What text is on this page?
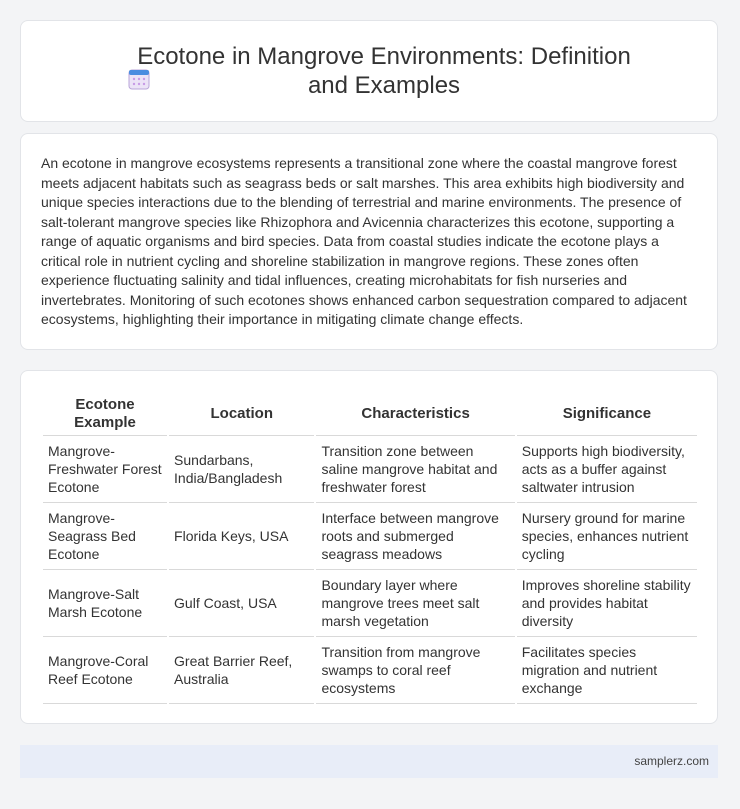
Ecotone in Mangrove Environments: Definition and Examples

An ecotone in mangrove ecosystems represents a transitional zone where the coastal mangrove forest meets adjacent habitats such as seagrass beds or salt marshes. This area exhibits high biodiversity and unique species interactions due to the blending of terrestrial and marine environments. The presence of salt-tolerant mangrove species like Rhizophora and Avicennia characterizes this ecotone, supporting a range of aquatic organisms and bird species. Data from coastal studies indicate the ecotone plays a critical role in nutrient cycling and shoreline stabilization in mangrove regions. These zones often experience fluctuating salinity and tidal influences, creating microhabitats for fish nurseries and invertebrates. Monitoring of such ecotones shows enhanced carbon sequestration compared to adjacent ecosystems, highlighting their importance in mitigating climate change effects.

Ecotone Example	Location	Characteristics	Significance
Mangrove-Freshwater Forest Ecotone	Sundarbans, India/Bangladesh	Transition zone between saline mangrove habitat and freshwater forest	Supports high biodiversity, acts as a buffer against saltwater intrusion
Mangrove-Seagrass Bed Ecotone	Florida Keys, USA	Interface between mangrove roots and submerged seagrass meadows	Nursery ground for marine species, enhances nutrient cycling
Mangrove-Salt Marsh Ecotone	Gulf Coast, USA	Boundary layer where mangrove trees meet salt marsh vegetation	Improves shoreline stability and provides habitat diversity
Mangrove-Coral Reef Ecotone	Great Barrier Reef, Australia	Transition from mangrove swamps to coral reef ecosystems	Facilitates species migration and nutrient exchange
samplerz.com
